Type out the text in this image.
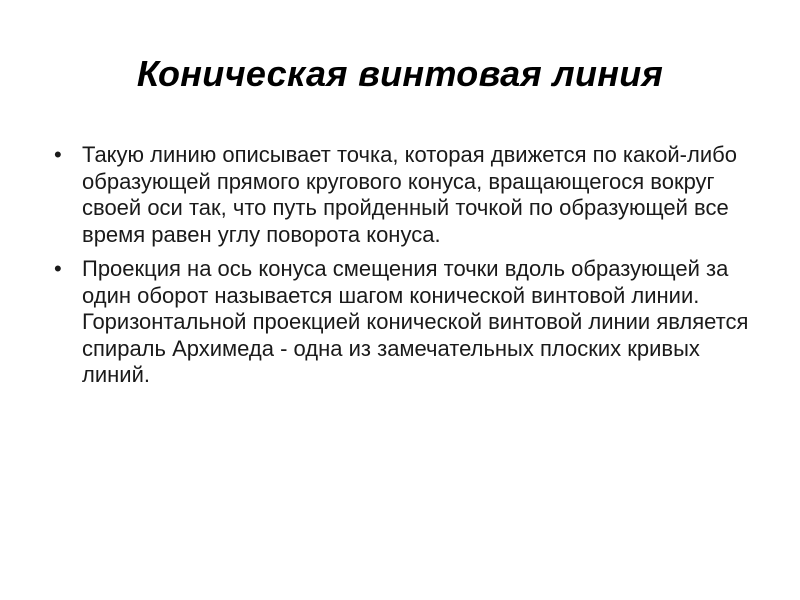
Коническая винтовая линия
• Такую линию описывает точка, которая движется по какой-либо образующей прямого кругового конуса, вращающегося вокруг своей оси так, что путь пройденный точкой по образующей все время равен углу поворота конуса.
• Проекция на ось конуса смещения точки вдоль образующей за один оборот называется шагом конической винтовой линии. Горизонтальной проекцией конической винтовой линии является спираль Архимеда - одна из замечательных плоских кривых линий.
